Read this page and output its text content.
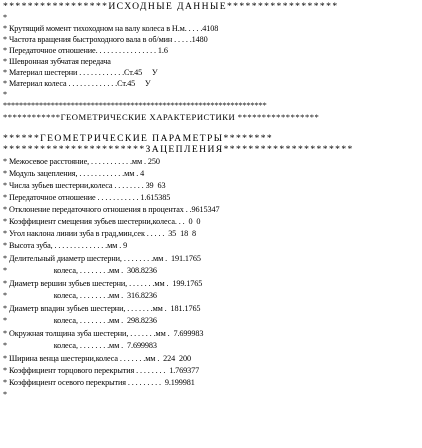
*****************ИСХОДНЫЕ ДАННЫЕ******************
*
* Крутящий момент тихоходном на валу колеса в Н.м. . . . .4108
* Частота вращения быстроходного вала в об/мин . . . . .1480
* Передаточное отношение. . . . . . . . . . . . . . . . 1.6
* Шевронная зубчатая передача
* Материал шестерни . . . . . . . . . . . .Ст.45     У
* Материал колеса . . . . . . . . . . . . .Ст.45     У
*
******************************************************************
************ГЕОМЕТРИЧЕСКИЕ ХАРАКТЕРИСТИКИ *****************
******ГЕОМЕТРИЧЕСКИЕ ПАРАМЕТРЫ********
***********************ЗАЦЕПЛЕНИЯ*********************
* Межосевое расстояние, . . . . . . . . . . .мм . 250
* Модуль зацепления, . . . . . . . . . . . .мм . 4
* Числа зубьев шестерни,колеса . . . . . . . . 39  63
* Передаточное отношение . . . . . . . . . . . 1.615385
* Отклонение передаточного отношения в процентах . .9615347
* Коэффициент смещения зубьев шестерни,колеса. . .  0  0
* Угол наклона линии зуба в град,мин,сек . . . . .  35  18  8
* Высота зуба, . . . . . . . . . . . . . .мм . 9
* Делительный диаметр шестерни, . . . . . . . .мм .  191.1765
*                        колеса, . . . . . . . .мм .  308.8236
* Диаметр вершин зубьев шестерни, . . . . . . .мм .  199.1765
*                        колеса, . . . . . . . .мм .  316.8236
* Диаметр впадин зубьев шестерни, . . . . . . .мм .  181.1765
*                        колеса, . . . . . . . .мм .  298.8236
* Окружная толщина зуба шестерни, . . . . . . .мм .  7.699983
*                        колеса, . . . . . . . .мм .  7.699983
* Ширина венца шестерни,колеса . . . . . . .мм .  224  200
* Коэффициент торцового перекрытия . . . . . . . .  1.769377
* Коэффициент осевого перекрытия . . . . . . . . .  9.199981
*
